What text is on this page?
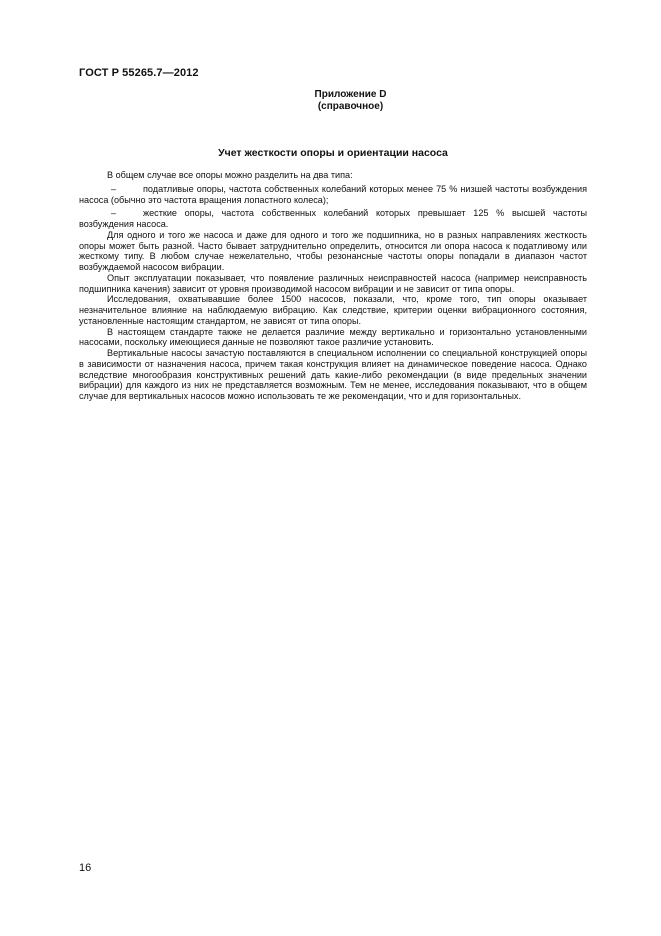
ГОСТ Р 55265.7—2012
Приложение D
(справочное)
Учет жесткости опоры и ориентации насоса

В общем случае все опоры можно разделить на два типа:

–	податливые опоры, частота собственных колебаний которых менее 75 % низшей частоты возбуждения насоса (обычно это частота вращения лопастного колеса);

–	жесткие опоры, частота собственных колебаний которых превышает 125 % высшей частоты возбуждения насоса.

Для одного и того же насоса и даже для одного и того же подшипника, но в разных направлениях жесткость опоры может быть разной. Часто бывает затруднительно определить, относится ли опора насоса к податливому или жесткому типу. В любом случае нежелательно, чтобы резонансные частоты опоры попадали в диапазон частот возбуждаемой насосом вибрации.

Опыт эксплуатации показывает, что появление различных неисправностей насоса (например неисправность подшипника качения) зависит от уровня производимой насосом вибрации и не зависит от типа опоры.

Исследования, охватывавшие более 1500 насосов, показали, что, кроме того, тип опоры оказывает незначительное влияние на наблюдаемую вибрацию. Как следствие, критерии оценки вибрационного состояния, установленные настоящим стандартом, не зависят от типа опоры.

В настоящем стандарте также не делается различие между вертикально и горизонтально установленными насосами, поскольку имеющиеся данные не позволяют такое различие установить.

Вертикальные насосы зачастую поставляются в специальном исполнении со специальной конструкцией опоры в зависимости от назначения насоса, причем такая конструкция влияет на динамическое поведение насоса. Однако вследствие многообразия конструктивных решений дать какие-либо рекомендации (в виде предельных значении вибрации) для каждого из них не представляется возможным. Тем не менее, исследования показывают, что в общем случае для вертикальных насосов можно использовать те же рекомендации, что и для горизонтальных.

16
